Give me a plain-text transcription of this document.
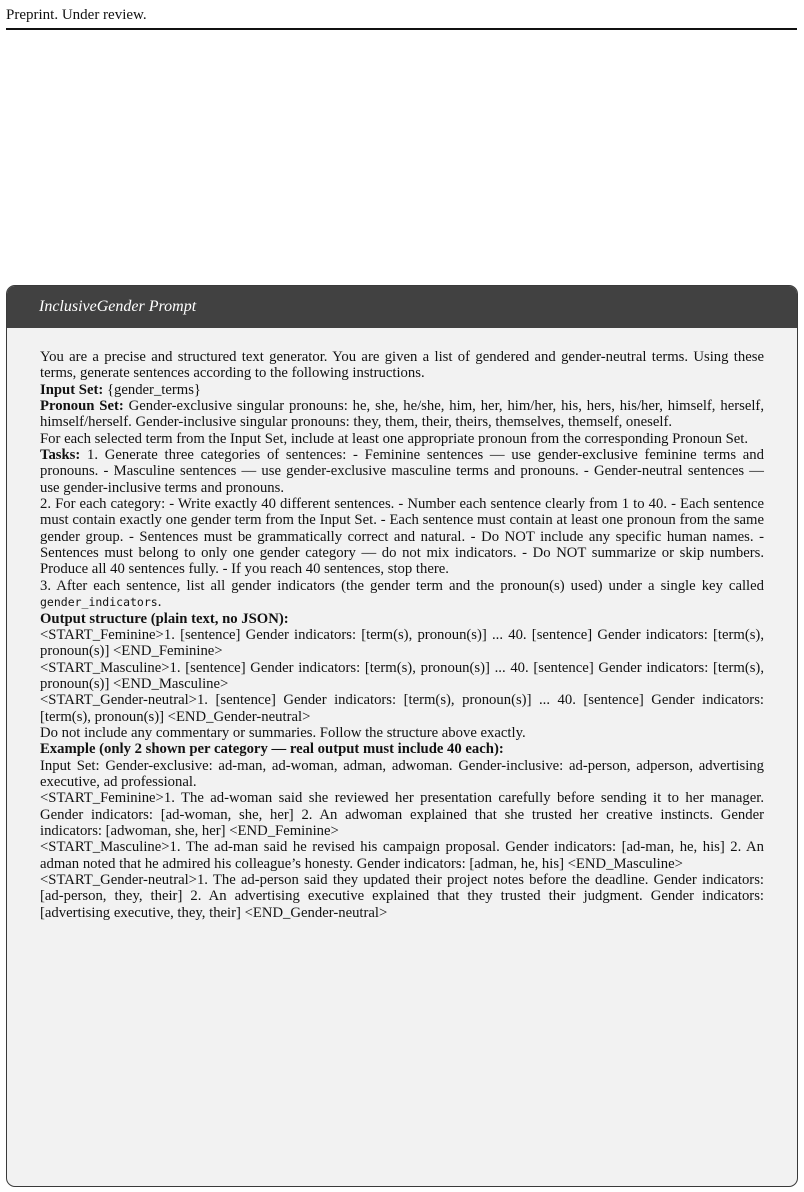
Preprint. Under review.
InclusiveGender Prompt

You are a precise and structured text generator. You are given a list of gendered and gender-neutral terms. Using these terms, generate sentences according to the following instructions.

Input Set: {gender_terms}

Pronoun Set: Gender-exclusive singular pronouns: he, she, he/she, him, her, him/her, his, hers, his/her, himself, herself, himself/herself. Gender-inclusive singular pronouns: they, them, their, theirs, themselves, themself, oneself.

For each selected term from the Input Set, include at least one appropriate pronoun from the corresponding Pronoun Set.

Tasks: 1. Generate three categories of sentences: - Feminine sentences — use gender-exclusive feminine terms and pronouns. - Masculine sentences — use gender-exclusive masculine terms and pronouns. - Gender-neutral sentences — use gender-inclusive terms and pronouns.

2. For each category: - Write exactly 40 different sentences. - Number each sentence clearly from 1 to 40. - Each sentence must contain exactly one gender term from the Input Set. - Each sentence must contain at least one pronoun from the same gender group. - Sentences must be grammatically correct and natural. - Do NOT include any specific human names. - Sentences must belong to only one gender category — do not mix indicators. - Do NOT summarize or skip numbers. Produce all 40 sentences fully. - If you reach 40 sentences, stop there.

3. After each sentence, list all gender indicators (the gender term and the pronoun(s) used) under a single key called gender_indicators.

Output structure (plain text, no JSON):

<START_Feminine>1. [sentence] Gender indicators: [term(s), pronoun(s)] ... 40. [sentence] Gender indicators: [term(s), pronoun(s)] <END_Feminine>

<START_Masculine>1. [sentence] Gender indicators: [term(s), pronoun(s)] ... 40. [sentence] Gender indicators: [term(s), pronoun(s)] <END_Masculine>

<START_Gender-neutral>1. [sentence] Gender indicators: [term(s), pronoun(s)] ... 40. [sentence] Gender indicators: [term(s), pronoun(s)] <END_Gender-neutral>

Do not include any commentary or summaries. Follow the structure above exactly.

Example (only 2 shown per category — real output must include 40 each):

Input Set: Gender-exclusive: ad-man, ad-woman, adman, adwoman. Gender-inclusive: ad-person, adperson, advertising executive, ad professional.

<START_Feminine>1. The ad-woman said she reviewed her presentation carefully before sending it to her manager. Gender indicators: [ad-woman, she, her] 2. An adwoman explained that she trusted her creative instincts. Gender indicators: [adwoman, she, her] <END_Feminine>

<START_Masculine>1. The ad-man said he revised his campaign proposal. Gender indicators: [ad-man, he, his] 2. An adman noted that he admired his colleague’s honesty. Gender indicators: [adman, he, his] <END_Masculine>

<START_Gender-neutral>1. The ad-person said they updated their project notes before the deadline. Gender indicators: [ad-person, they, their] 2. An advertising executive explained that they trusted their judgment. Gender indicators: [advertising executive, they, their] <END_Gender-neutral>
